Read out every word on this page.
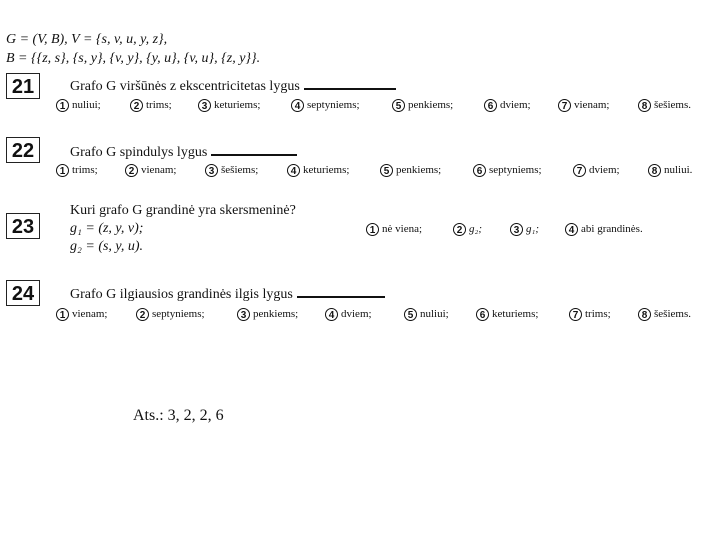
G = (V, B), V = {s, v, u, y, z},
B = {{z, s}, {s, y}, {v, y}, {y, u}, {v, u}, {z, y}}.
21	Grafo G viršūnės z ekscentricitetas lygus
1 nuliui;	2 trims;	3 keturiems;	4 septyniems;	5 penkiems;	6 dviem;	7 vienam;	8 šešiems.
22	Grafo G spindulys lygus
1 trims;	2 vienam;	3 šešiems;	4 keturiems;	5 penkiems;	6 septyniems;	7 dviem;	8 nuliui.
23
Kuri grafo G grandinė yra skersmeninė?
g₁ = (z, y, v);
g₂ = (s, y, u).
1 nė viena;	2 g₂;	3 g₁;	4 abi grandinės.
24	Grafo G ilgiausios grandinės ilgis lygus
1 vienam;	2 septyniems;	3 penkiems;	4 dviem;	5 nuliui;	6 keturiems;	7 trims;	8 šešiems.
Ats.: 3, 2, 2, 6
